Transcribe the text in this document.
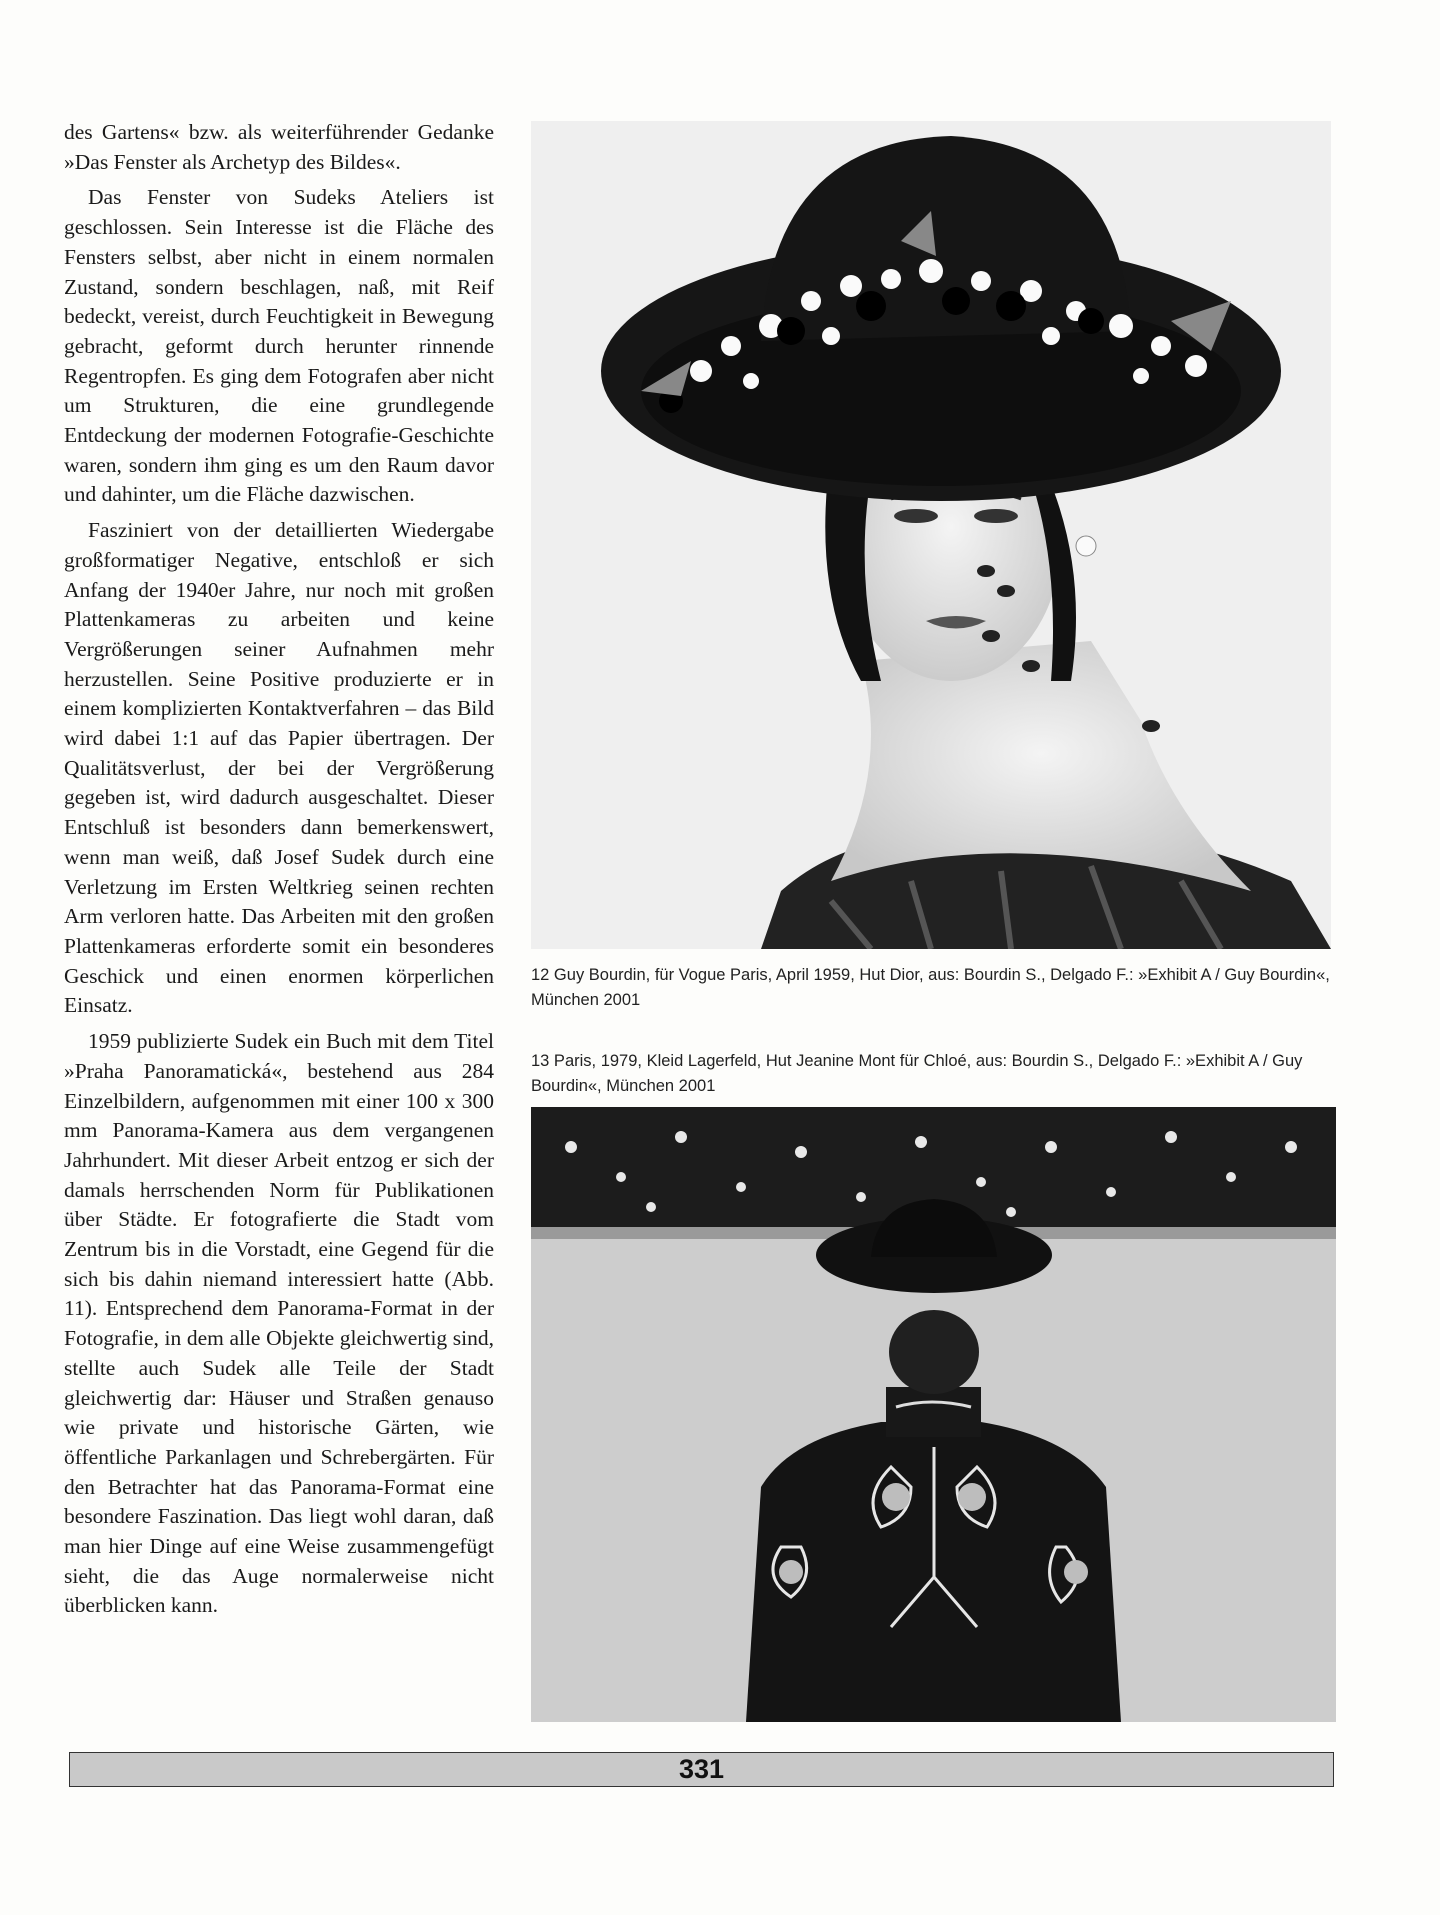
des Gartens« bzw. als weiterführender Gedanke »Das Fenster als Archetyp des Bildes«.

Das Fenster von Sudeks Ateliers ist geschlossen. Sein Interesse ist die Fläche des Fensters selbst, aber nicht in einem normalen Zustand, sondern beschlagen, naß, mit Reif bedeckt, vereist, durch Feuchtigkeit in Bewegung gebracht, geformt durch herunter rinnende Regentropfen. Es ging dem Fotografen aber nicht um Strukturen, die eine grundlegende Entdeckung der modernen Fotografie-Geschichte waren, sondern ihm ging es um den Raum davor und dahinter, um die Fläche dazwischen.

Fasziniert von der detaillierten Wiedergabe großformatiger Negative, entschloß er sich Anfang der 1940er Jahre, nur noch mit großen Plattenkameras zu arbeiten und keine Vergrößerungen seiner Aufnahmen mehr herzustellen. Seine Positive produzierte er in einem komplizierten Kontaktverfahren – das Bild wird dabei 1:1 auf das Papier übertragen. Der Qualitätsverlust, der bei der Vergrößerung gegeben ist, wird dadurch ausgeschaltet. Dieser Entschluß ist besonders dann bemerkenswert, wenn man weiß, daß Josef Sudek durch eine Verletzung im Ersten Weltkrieg seinen rechten Arm verloren hatte. Das Arbeiten mit den großen Plattenkameras erforderte somit ein besonderes Geschick und einen enormen körperlichen Einsatz.

1959 publizierte Sudek ein Buch mit dem Titel »Praha Panoramatická«, bestehend aus 284 Einzelbildern, aufgenommen mit einer 100 x 300 mm Panorama-Kamera aus dem vergangenen Jahrhundert. Mit dieser Arbeit entzog er sich der damals herrschenden Norm für Publikationen über Städte. Er fotografierte die Stadt vom Zentrum bis in die Vorstadt, eine Gegend für die sich bis dahin niemand interessiert hatte (Abb. 11). Entsprechend dem Panorama-Format in der Fotografie, in dem alle Objekte gleichwertig sind, stellte auch Sudek alle Teile der Stadt gleichwertig dar: Häuser und Straßen genauso wie private und historische Gärten, wie öffentliche Parkanlagen und Schrebergärten. Für den Betrachter hat das Panorama-Format eine besondere Faszination. Das liegt wohl daran, daß man hier Dinge auf eine Weise zusammengefügt sieht, die das Auge normalerweise nicht überblicken kann.

12 Guy Bourdin, für Vogue Paris, April 1959, Hut Dior, aus: Bourdin S., Delgado F.: »Exhibit A / Guy Bourdin«, München 2001
13 Paris, 1979, Kleid Lagerfeld, Hut Jeanine Mont für Chloé, aus: Bourdin S., Delgado F.: »Exhibit A / Guy Bourdin«, München 2001
331
